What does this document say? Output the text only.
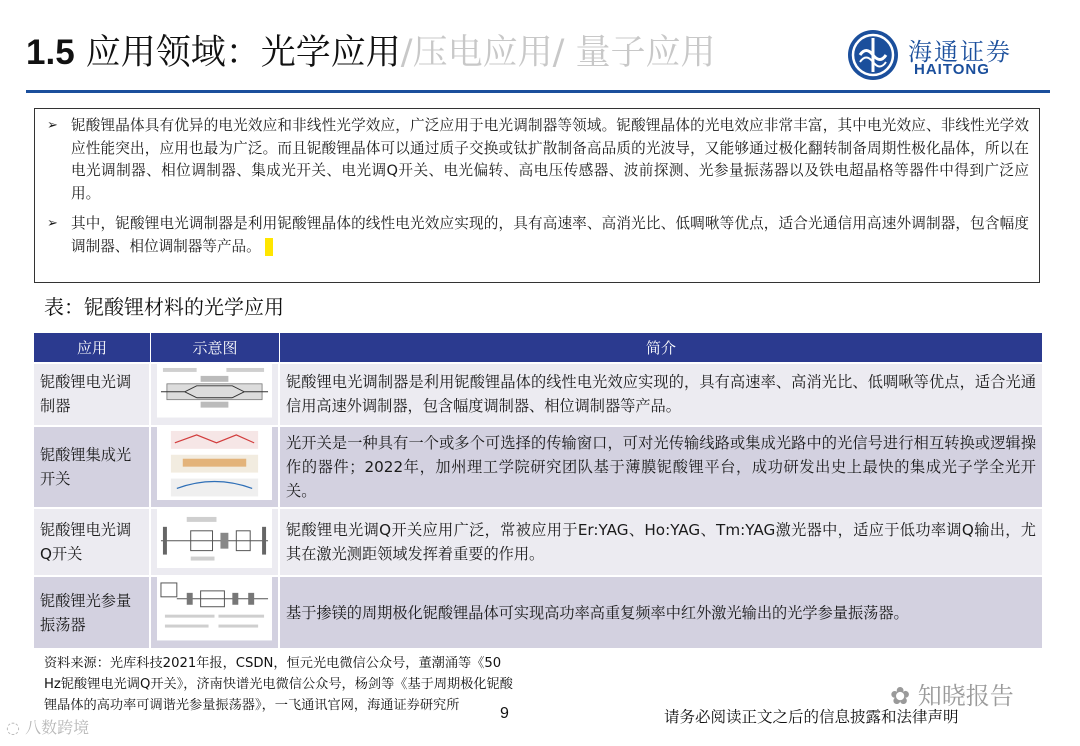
1.5 应用领域：光学应用/压电应用/ 量子应用	海通证券
HAITONG
➢ 铌酸锂晶体具有优异的电光效应和非线性光学效应，广泛应用于电光调制器等领域。铌酸锂晶体的光电效应非常丰富，其中电光效应、非线性光学效应性能突出，应用也最为广泛。而且铌酸锂晶体可以通过质子交换或钛扩散制备高品质的光波导，又能够通过极化翻转制备周期性极化晶体，所以在电光调制器、相位调制器、集成光开关、电光调Q开关、电光偏转、高电压传感器、波前探测、光参量振荡器以及铁电超晶格等器件中得到广泛应用。
➢ 其中，铌酸锂电光调制器是利用铌酸锂晶体的线性电光效应实现的，具有高速率、高消光比、低啁啾等优点，适合光通信用高速外调制器，包含幅度调制器、相位调制器等产品。
表：铌酸锂材料的光学应用
应用	示意图	简介
铌酸锂电光调制器		铌酸锂电光调制器是利用铌酸锂晶体的线性电光效应实现的，具有高速率、高消光比、低啁啾等优点，适合光通信用高速外调制器，包含幅度调制器、相位调制器等产品。
铌酸锂集成光开关		光开关是一种具有一个或多个可选择的传输窗口，可对光传输线路或集成光路中的光信号进行相互转换或逻辑操作的器件；2022年，加州理工学院研究团队基于薄膜铌酸锂平台，成功研发出史上最快的集成光子学全光开关。
铌酸锂电光调Q开关		铌酸锂电光调Q开关应用广泛，常被应用于Er:YAG、Ho:YAG、Tm:YAG激光器中，适应于低功率调Q输出，尤其在激光测距领域发挥着重要的作用。
铌酸锂光参量振荡器		基于掺镁的周期极化铌酸锂晶体可实现高功率高重复频率中红外激光输出的光学参量振荡器。
资料来源：光库科技2021年报，CSDN，恒元光电微信公众号，董潮涌等《50 Hz铌酸锂电光调Q开关》，济南快谱光电微信公众号，杨剑等《基于周期极化铌酸锂晶体的高功率可调谐光参量振荡器》，一飞通讯官网，海通证券研究所	9	请务必阅读正文之后的信息披露和法律声明
✿ 知晓报告
◌ 八数跨境
